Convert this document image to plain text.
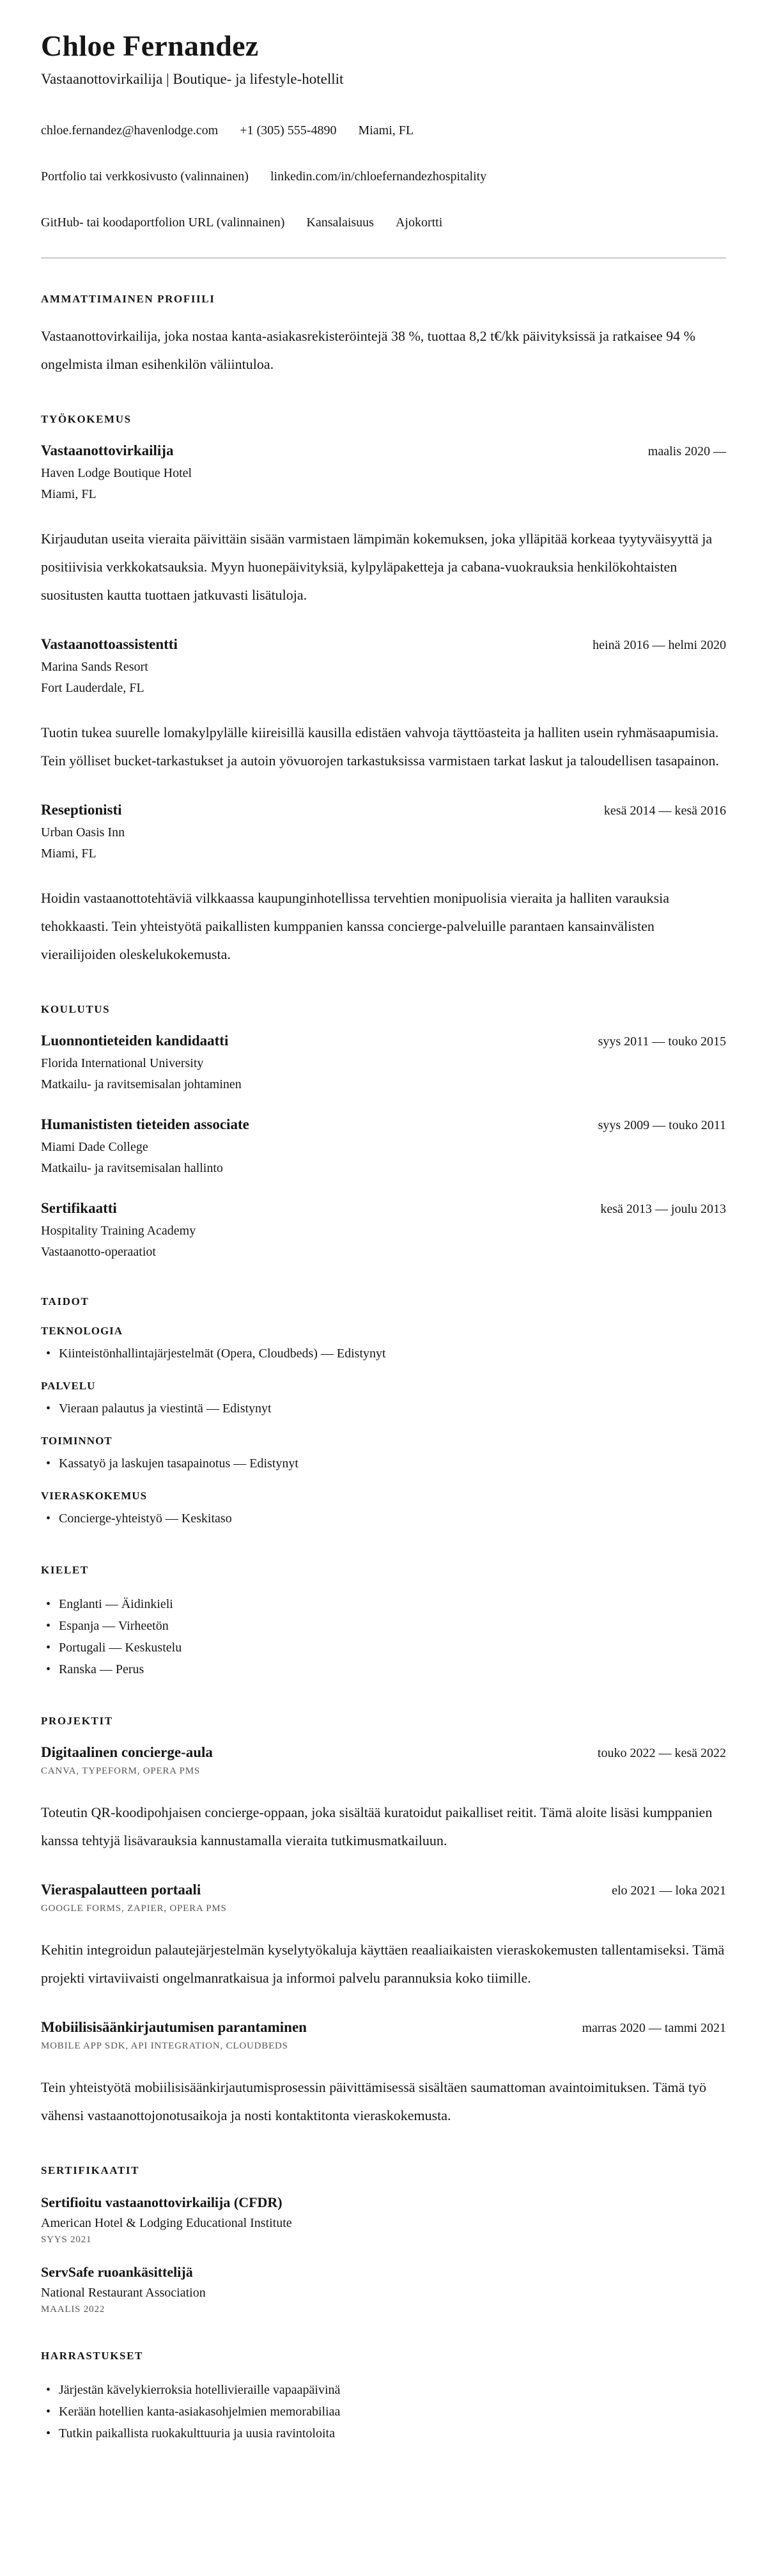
Chloe Fernandez
Vastaanottovirkailija | Boutique- ja lifestyle-hotellit
chloe.fernandez@havenlodge.com +1 (305) 555-4890 Miami, FL
Portfolio tai verkkosivusto (valinnainen) linkedin.com/in/chloefernandezhospitality
GitHub- tai koodaportfolion URL (valinnainen) Kansalaisuus Ajokortti
AMMATTIMAINEN PROFIILI

Vastaanottovirkailija, joka nostaa kanta-asiakasrekisteröintejä 38 %, tuottaa 8,2 t€/kk päivityksissä ja ratkaisee 94 % ongelmista ilman esihenkilön väliintuloa.

TYÖKOKEMUS
Vastaanottovirkailija	maalis 2020 —
Haven Lodge Boutique Hotel
Miami, FL

Kirjaudutan useita vieraita päivittäin sisään varmistaen lämpimän kokemuksen, joka ylläpitää korkeaa tyytyväisyyttä ja positiivisia verkkokatsauksia. Myyn huonepäivityksiä, kylpyläpaketteja ja cabana-vuokrauksia henkilökohtaisten suositusten kautta tuottaen jatkuvasti lisätuloja.

Vastaanottoassistentti	heinä 2016 — helmi 2020
Marina Sands Resort
Fort Lauderdale, FL

Tuotin tukea suurelle lomakylpylälle kiireisillä kausilla edistäen vahvoja täyttöasteita ja halliten usein ryhmäsaapumisia. Tein yölliset bucket-tarkastukset ja autoin yövuorojen tarkastuksissa varmistaen tarkat laskut ja taloudellisen tasapainon.

Reseptionisti	kesä 2014 — kesä 2016
Urban Oasis Inn
Miami, FL

Hoidin vastaanottotehtäviä vilkkaassa kaupunginhotellissa tervehtien monipuolisia vieraita ja halliten varauksia tehokkaasti. Tein yhteistyötä paikallisten kumppanien kanssa concierge-palveluille parantaen kansainvälisten vierailijoiden oleskelukokemusta.

KOULUTUS
Luonnontieteiden kandidaatti	syys 2011 — touko 2015
Florida International University
Matkailu- ja ravitsemisalan johtaminen
Humanististen tieteiden associate	syys 2009 — touko 2011
Miami Dade College
Matkailu- ja ravitsemisalan hallinto
Sertifikaatti	kesä 2013 — joulu 2013
Hospitality Training Academy
Vastaanotto-operaatiot
TAIDOT
TEKNOLOGIA
• Kiinteistönhallintajärjestelmät (Opera, Cloudbeds) — Edistynyt
PALVELU
• Vieraan palautus ja viestintä — Edistynyt
TOIMINNOT
• Kassatyö ja laskujen tasapainotus — Edistynyt
VIERASKOKEMUS
• Concierge-yhteistyö — Keskitaso
KIELET
• Englanti — Äidinkieli
• Espanja — Virheetön
• Portugali — Keskustelu
• Ranska — Perus
PROJEKTIT
Digitaalinen concierge-aula	touko 2022 — kesä 2022
CANVA, TYPEFORM, OPERA PMS

Toteutin QR-koodipohjaisen concierge-oppaan, joka sisältää kuratoidut paikalliset reitit. Tämä aloite lisäsi kumppanien kanssa tehtyjä lisävarauksia kannustamalla vieraita tutkimusmatkailuun.

Vieraspalautteen portaali	elo 2021 — loka 2021
GOOGLE FORMS, ZAPIER, OPERA PMS

Kehitin integroidun palautejärjestelmän kyselytyökaluja käyttäen reaaliaikaisten vieraskokemusten tallentamiseksi. Tämä projekti virtaviivaisti ongelmanratkaisua ja informoi palvelu parannuksia koko tiimille.

Mobiilisisäänkirjautumisen parantaminen	marras 2020 — tammi 2021
MOBILE APP SDK, API INTEGRATION, CLOUDBEDS

Tein yhteistyötä mobiilisisäänkirjautumisprosessin päivittämisessä sisältäen saumattoman avaintoimituksen. Tämä työ vähensi vastaanottojonotusaikoja ja nosti kontaktitonta vieraskokemusta.

SERTIFIKAATIT
Sertifioitu vastaanottovirkailija (CFDR)
American Hotel & Lodging Educational Institute
SYYS 2021
ServSafe ruoankäsittelijä
National Restaurant Association
MAALIS 2022
HARRASTUKSET
• Järjestän kävelykierroksia hotellivieraille vapaapäivinä
• Kerään hotellien kanta-asiakasohjelmien memorabiliaa
• Tutkin paikallista ruokakulttuuria ja uusia ravintoloita
